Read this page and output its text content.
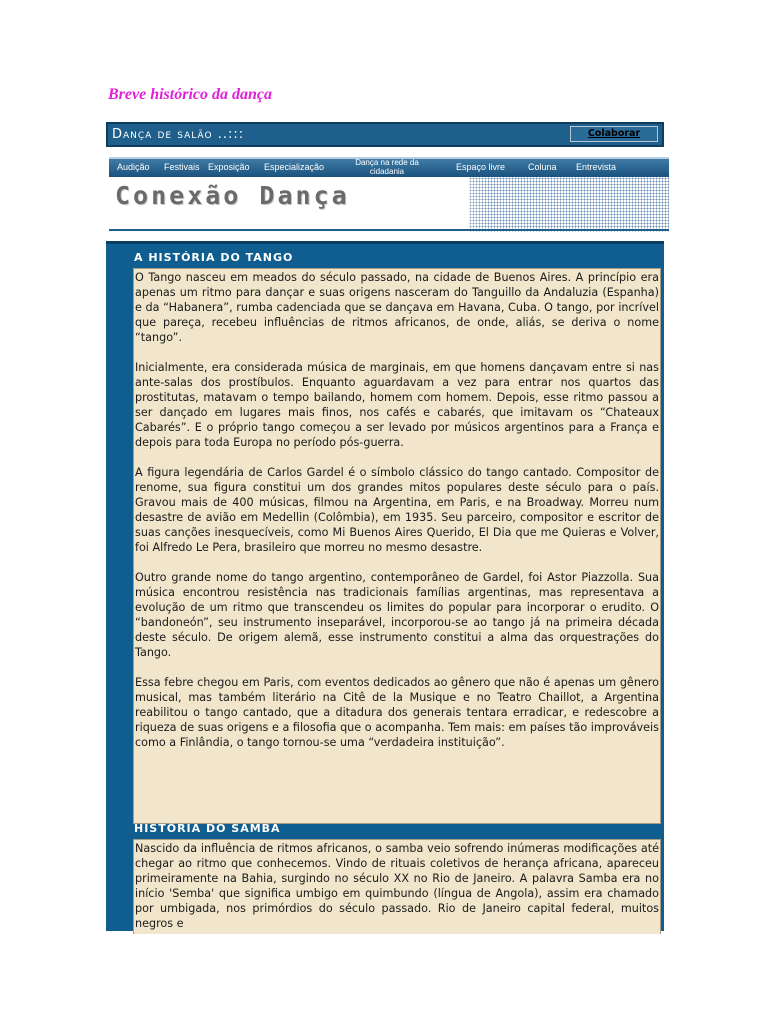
Breve histórico da dança
Dança de salão ..:::	Colaborar
Audição Festivais Exposição Especialização	Dança na rede da cidadania	Espaço livre	Coluna Entrevista
Conexão Dança
A HISTÓRIA DO TANGO

O Tango nasceu em meados do século passado, na cidade de Buenos Aires. A princípio era apenas um ritmo para dançar e suas origens nasceram do Tanguillo da Andaluzia (Espanha) e da “Habanera”, rumba cadenciada que se dançava em Havana, Cuba. O tango, por incrível que pareça, recebeu influências de ritmos africanos, de onde, aliás, se deriva o nome “tango”.

Inicialmente, era considerada música de marginais, em que homens dançavam entre si nas ante-salas dos prostíbulos. Enquanto aguardavam a vez para entrar nos quartos das prostitutas, matavam o tempo bailando, homem com homem. Depois, esse ritmo passou a ser dançado em lugares mais finos, nos cafés e cabarés, que imitavam os “Chateaux Cabarés”. E o próprio tango começou a ser levado por músicos argentinos para a França e depois para toda Europa no período pós-guerra.

A figura legendária de Carlos Gardel é o símbolo clássico do tango cantado. Compositor de renome, sua figura constitui um dos grandes mitos populares deste século para o país. Gravou mais de 400 músicas, filmou na Argentina, em Paris, e na Broadway. Morreu num desastre de avião em Medellin (Colômbia), em 1935. Seu parceiro, compositor e escritor de suas canções inesquecíveis, como Mi Buenos Aires Querido, El Dia que me Quieras e Volver, foi Alfredo Le Pera, brasileiro que morreu no mesmo desastre.

Outro grande nome do tango argentino, contemporâneo de Gardel, foi Astor Piazzolla. Sua música encontrou resistência nas tradicionais famílias argentinas, mas representava a evolução de um ritmo que transcendeu os limites do popular para incorporar o erudito. O “bandoneón”, seu instrumento inseparável, incorporou-se ao tango já na primeira década deste século. De origem alemã, esse instrumento constitui a alma das orquestrações do Tango.

Essa febre chegou em Paris, com eventos dedicados ao gênero que não é apenas um gênero musical, mas também literário na Citê de la Musique e no Teatro Chaillot, a Argentina reabilitou o tango cantado, que a ditadura dos generais tentara erradicar, e redescobre a riqueza de suas origens e a filosofia que o acompanha. Tem mais: em países tão improváveis como a Finlândia, o tango tornou-se uma “verdadeira instituição”.

HISTÓRIA DO SAMBA

Nascido da influência de ritmos africanos, o samba veio sofrendo inúmeras modificações até chegar ao ritmo que conhecemos. Vindo de rituais coletivos de herança africana, apareceu primeiramente na Bahia, surgindo no século XX no Rio de Janeiro. A palavra Samba era no início 'Semba' que significa umbigo em quimbundo (língua de Angola), assim era chamado por umbigada, nos primórdios do século passado. Rio de Janeiro capital federal, muitos negros e
